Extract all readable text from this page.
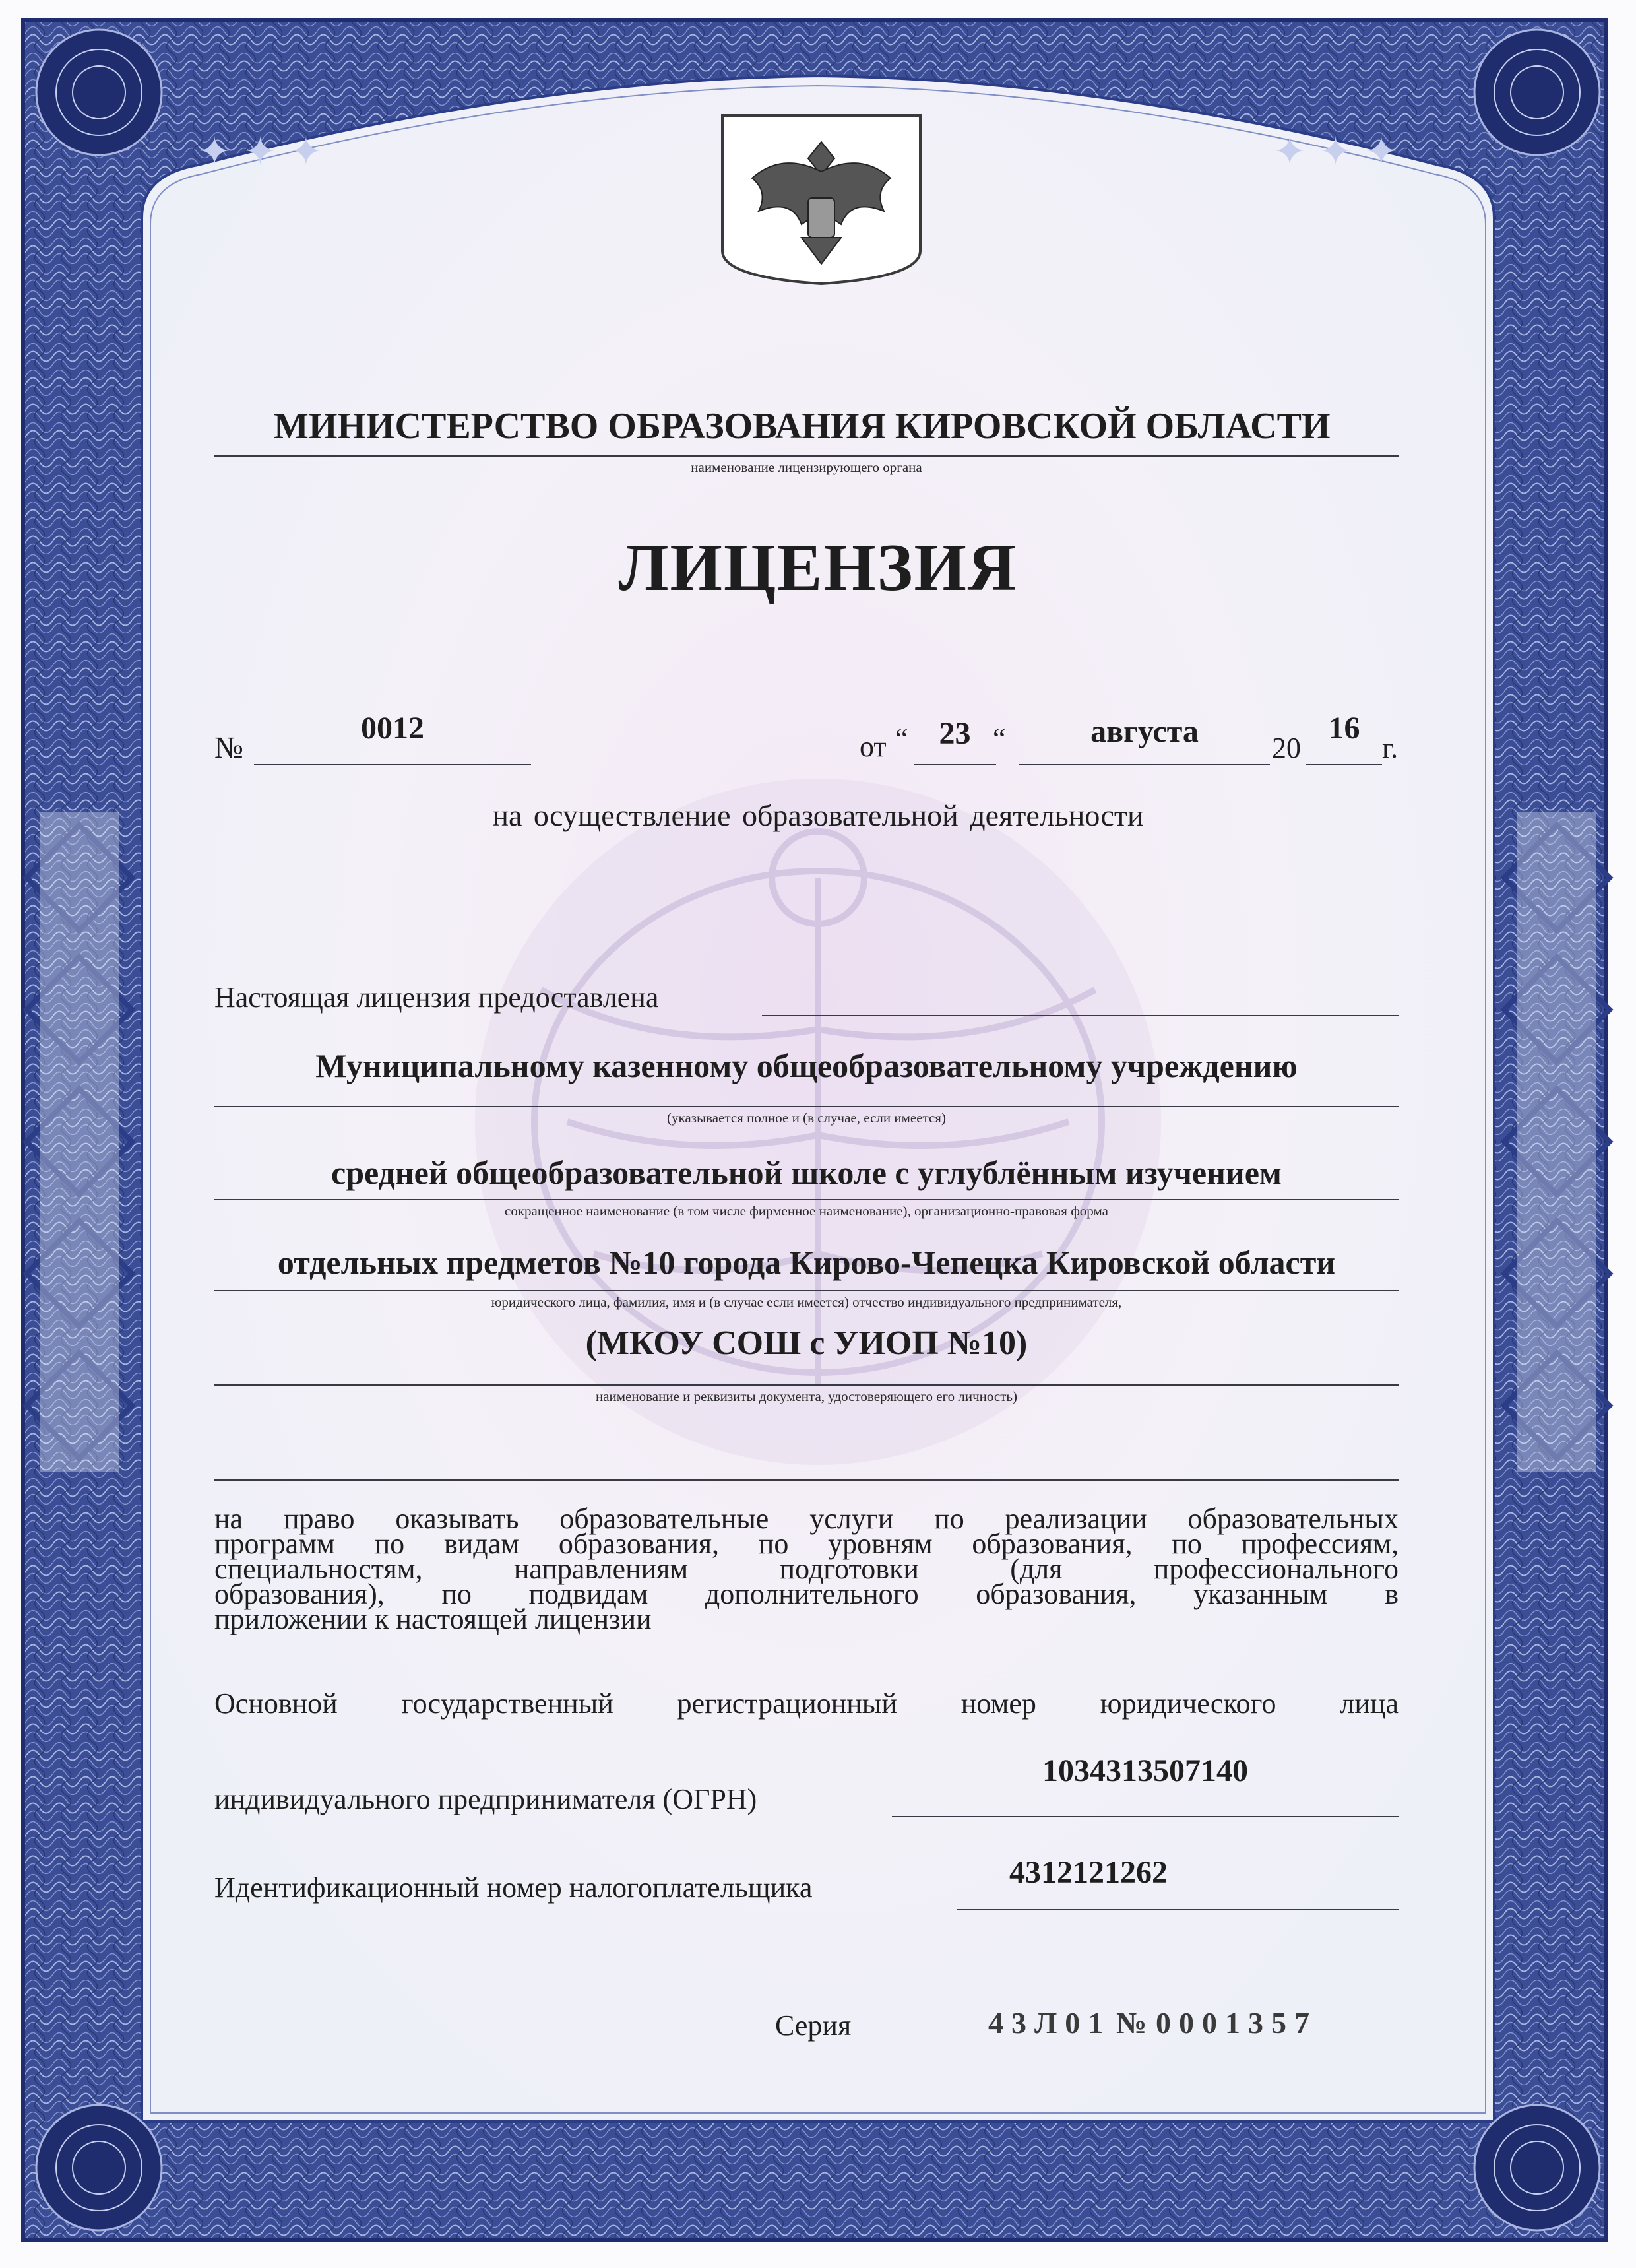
✦ ✦ ✦	✦ ✦ ✦
МИНИСТЕРСТВО ОБРАЗОВАНИЯ КИРОВСКОЙ ОБЛАСТИ
наименование лицензирующего органа
ЛИЦЕНЗИЯ
№
0012
от “ 23 “	августа	20
16
г.
на осуществление образовательной деятельности
Настоящая лицензия предоставлена
Муниципальному казенному общеобразовательному учреждению
(указывается полное и (в случае, если имеется)
средней общеобразовательной школе с углублённым изучением
сокращенное наименование (в том числе фирменное наименование), организационно-правовая форма
отдельных предметов №10 города Кирово-Чепецка Кировской области
юридического лица, фамилия, имя и (в случае если имеется) отчество индивидуального предпринимателя,
(МКОУ СОШ с УИОП №10)
наименование и реквизиты документа, удостоверяющего его личность)
на право оказывать образовательные услуги по реализации образовательных
программ по видам образования, по уровням образования, по профессиям,
специальностям, направлениям подготовки (для профессионального
образования), по подвидам дополнительного образования, указанным в
приложении к настоящей лицензии
Основной государственный регистрационный номер юридического лица
индивидуального предпринимателя (ОГРН)
1034313507140
Идентификационный номер налогоплательщика	4312121262
Серия	43Л01 № 0001357
